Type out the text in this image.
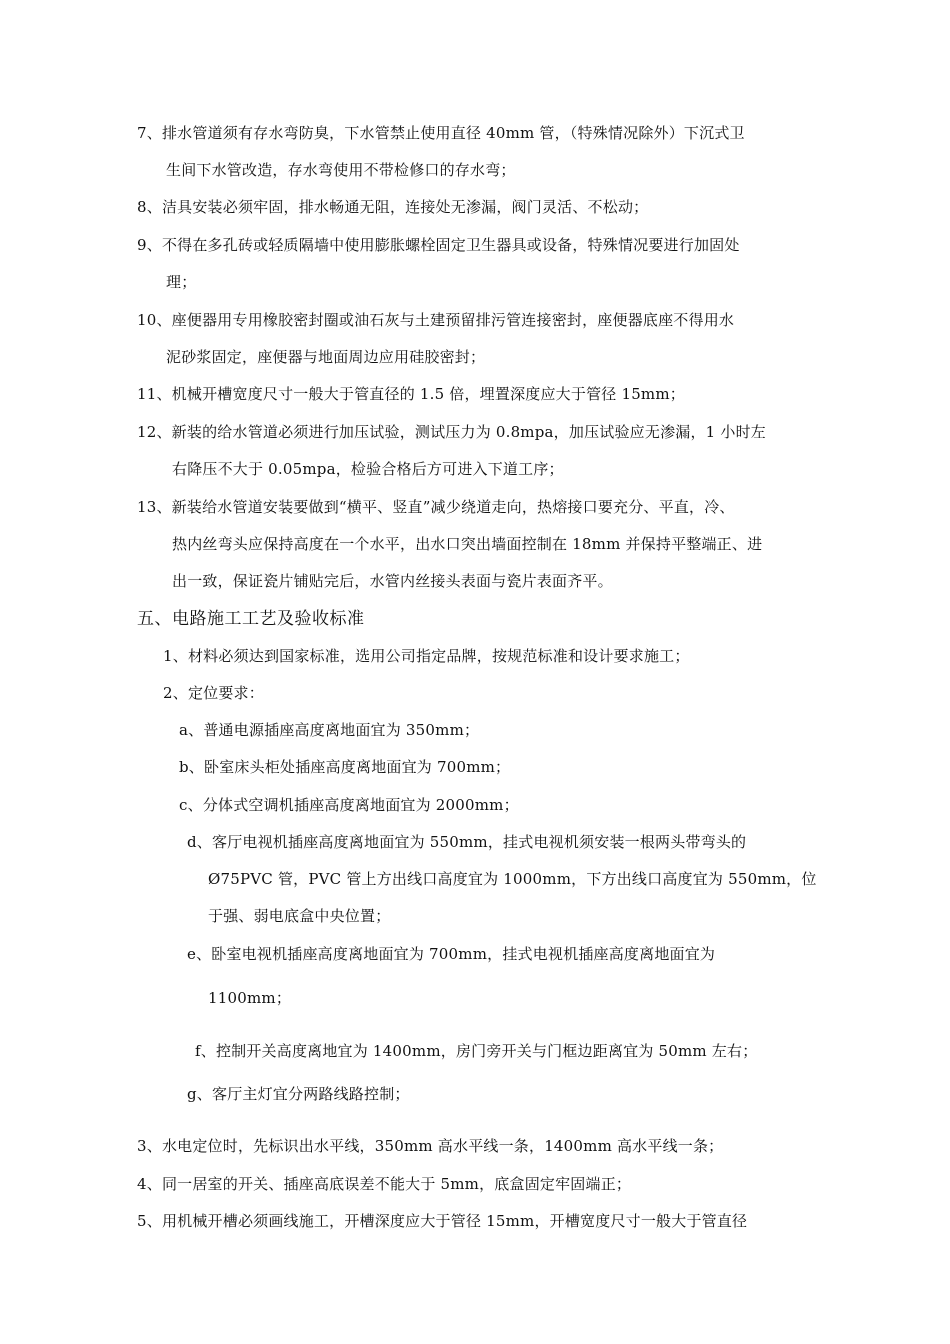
7、排水管道须有存水弯防臭，下水管禁止使用直径 40mm 管，（特殊情况除外）下沉式卫
生间下水管改造，存水弯使用不带检修口的存水弯；
8、洁具安装必须牢固，排水畅通无阻，连接处无渗漏，阀门灵活、不松动；
9、不得在多孔砖或轻质隔墙中使用膨胀螺栓固定卫生器具或设备，特殊情况要进行加固处
理；
10、座便器用专用橡胶密封圈或油石灰与土建预留排污管连接密封，座便器底座不得用水
泥砂浆固定，座便器与地面周边应用硅胶密封；
11、机械开槽宽度尺寸一般大于管直径的 1.5 倍，埋置深度应大于管径 15mm；
12、新装的给水管道必须进行加压试验，测试压力为 0.8mpa，加压试验应无渗漏，1 小时左
右降压不大于 0.05mpa，检验合格后方可进入下道工序；
13、新装给水管道安装要做到“横平、竖直”减少绕道走向，热熔接口要充分、平直，冷、
热内丝弯头应保持高度在一个水平，出水口突出墙面控制在 18mm 并保持平整端正、进
出一致，保证瓷片铺贴完后，水管内丝接头表面与瓷片表面齐平。
五、电路施工工艺及验收标准
1、材料必须达到国家标准，选用公司指定品牌，按规范标准和设计要求施工；
2、定位要求：
a、普通电源插座高度离地面宜为 350mm；
b、卧室床头柜处插座高度离地面宜为 700mm；
c、分体式空调机插座高度离地面宜为 2000mm；
d、客厅电视机插座高度离地面宜为 550mm，挂式电视机须安装一根两头带弯头的
Ø75PVC 管，PVC 管上方出线口高度宜为 1000mm，下方出线口高度宜为 550mm，位
于强、弱电底盒中央位置；
e、卧室电视机插座高度离地面宜为 700mm，挂式电视机插座高度离地面宜为
1100mm；
f、控制开关高度离地宜为 1400mm，房门旁开关与门框边距离宜为 50mm 左右；
g、客厅主灯宜分两路线路控制；
3、水电定位时，先标识出水平线，350mm 高水平线一条，1400mm 高水平线一条；
4、同一居室的开关、插座高底误差不能大于 5mm，底盒固定牢固端正；
5、用机械开槽必须画线施工，开槽深度应大于管径 15mm，开槽宽度尺寸一般大于管直径
